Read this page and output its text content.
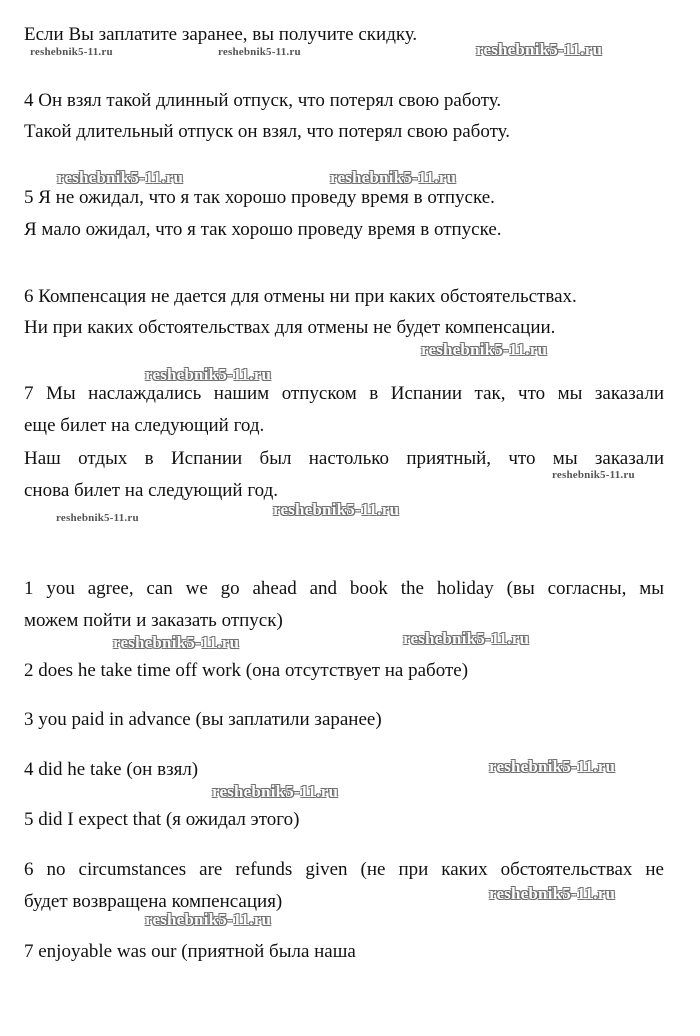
Если Вы заплатите заранее, вы получите скидку.
4 Он взял такой длинный отпуск, что потерял свою работу.
Такой длительный отпуск он взял, что потерял свою работу.
5 Я не ожидал, что я так хорошо проведу время в отпуске.
Я мало ожидал, что я так хорошо проведу время в отпуске.
6 Компенсация не дается для отмены ни при каких обстоятельствах.
Ни при каких обстоятельствах для отмены не будет компенсации.
7 Мы наслаждались нашим отпуском в Испании так, что мы заказали
еще билет на следующий год.
Наш отдых в Испании был настолько приятный, что мы заказали
снова билет на следующий год.
1 you agree, can we go ahead and book the holiday (вы согласны, мы
можем пойти и заказать отпуск)
2 does he take time off work (она отсутствует на работе)
3 you paid in advance (вы заплатили заранее)
4 did he take (он взял)
5 did I expect that (я ожидал этого)
6 no circumstances are refunds given (не при каких обстоятельствах не
будет возвращена компенсация)
7 enjoyable was our (приятной была наша
reshebnik5-11.ru	reshebnik5-11.ru	reshebnik5-11.ru
reshebnik5-11.ru	reshebnik5-11.ru
reshebnik5-11.ru
reshebnik5-11.ru
reshebnik5-11.ru
reshebnik5-11.ru
reshebnik5-11.ru
reshebnik5-11.ru	reshebnik5-11.ru
reshebnik5-11.ru
reshebnik5-11.ru
reshebnik5-11.ru
reshebnik5-11.ru
